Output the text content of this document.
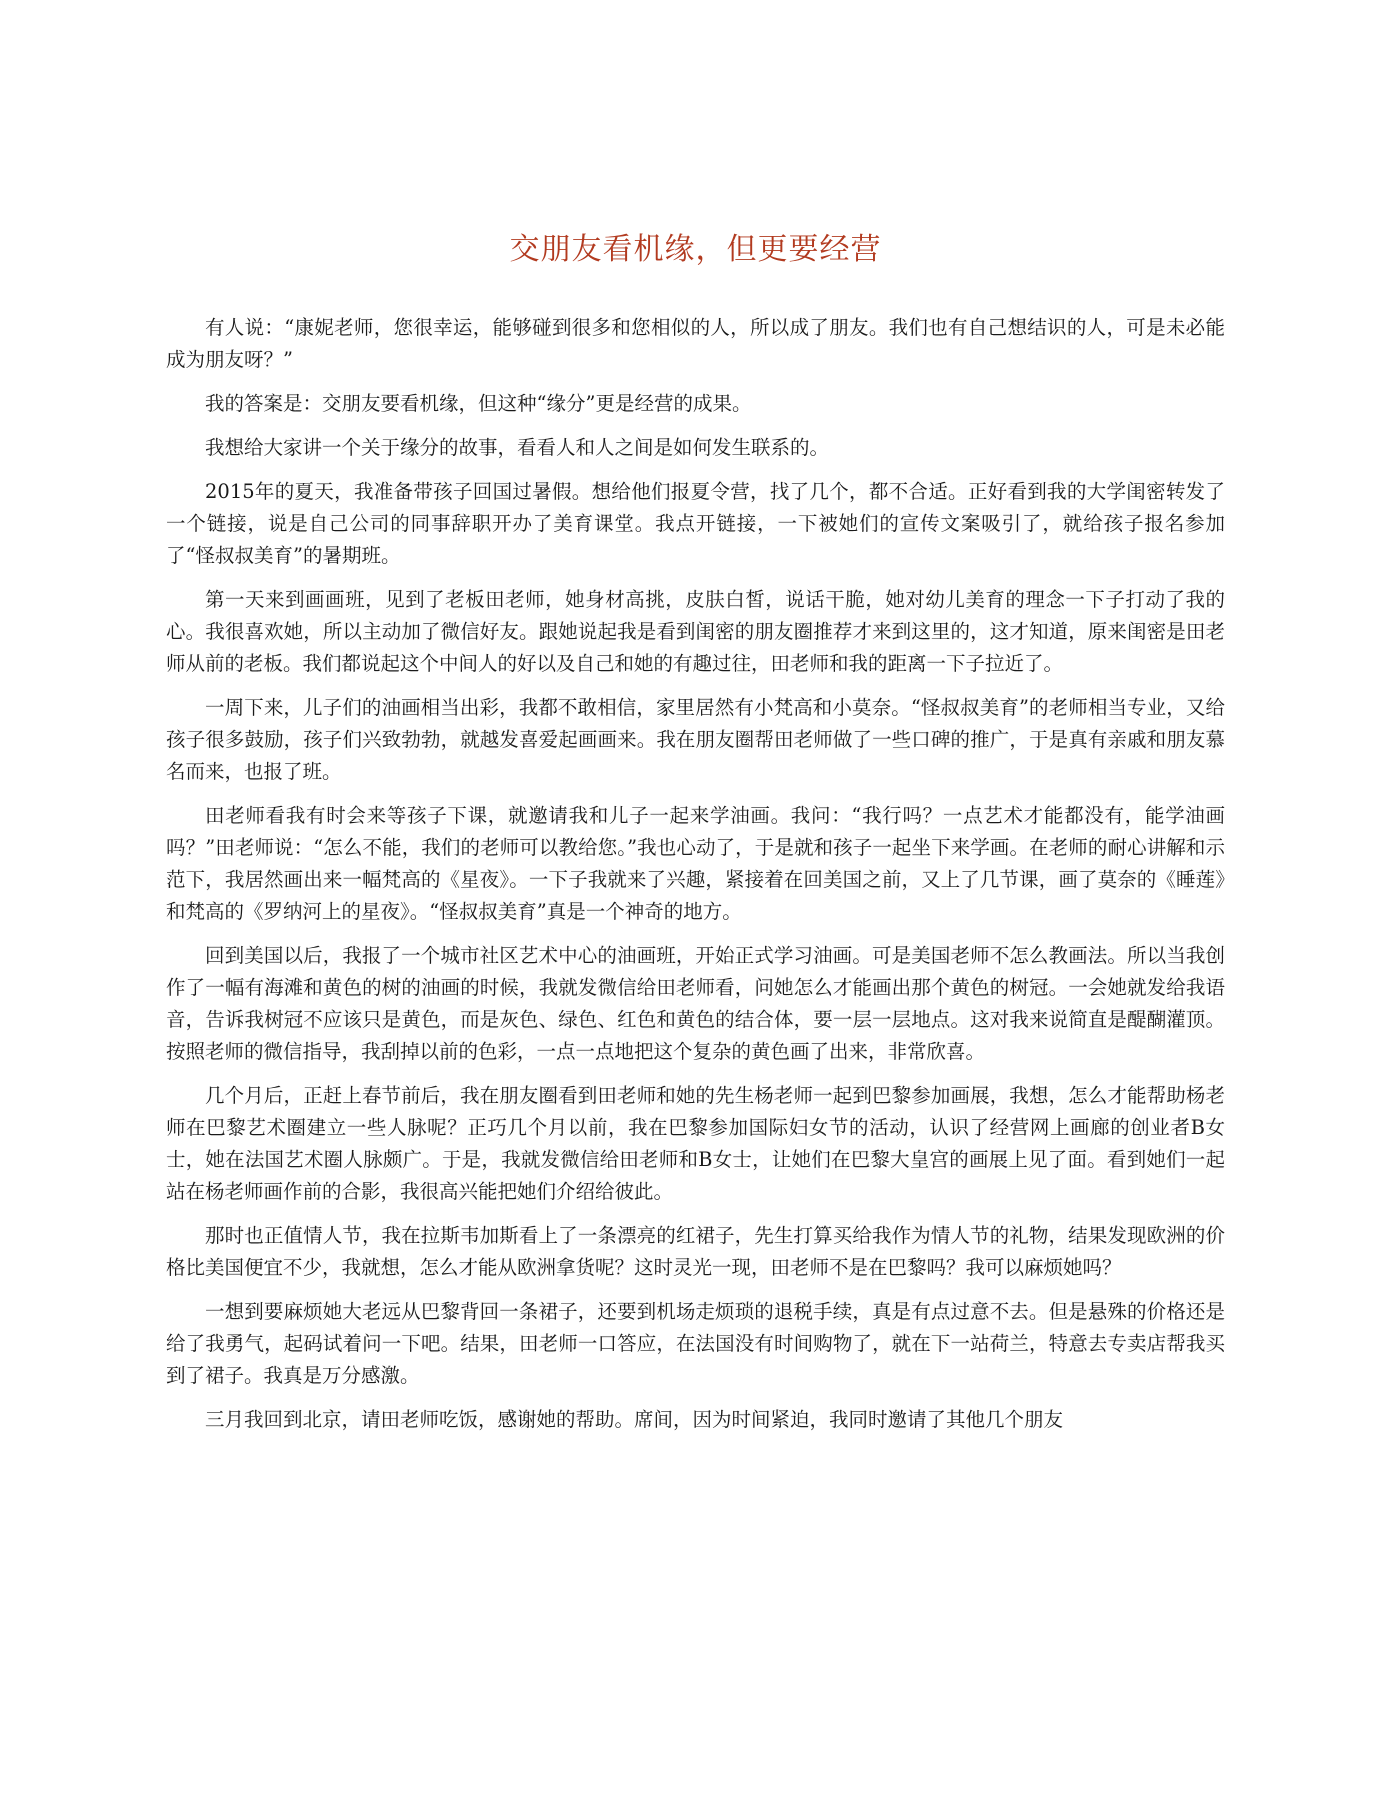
交朋友看机缘，但更要经营

有人说：“康妮老师，您很幸运，能够碰到很多和您相似的人，所以成了朋友。我们也有自己想结识的人，可是未必能成为朋友呀？”

我的答案是：交朋友要看机缘，但这种“缘分”更是经营的成果。

我想给大家讲一个关于缘分的故事，看看人和人之间是如何发生联系的。

2015年的夏天，我准备带孩子回国过暑假。想给他们报夏令营，找了几个，都不合适。正好看到我的大学闺密转发了一个链接，说是自己公司的同事辞职开办了美育课堂。我点开链接，一下被她们的宣传文案吸引了，就给孩子报名参加了“怪叔叔美育”的暑期班。

第一天来到画画班，见到了老板田老师，她身材高挑，皮肤白皙，说话干脆，她对幼儿美育的理念一下子打动了我的心。我很喜欢她，所以主动加了微信好友。跟她说起我是看到闺密的朋友圈推荐才来到这里的，这才知道，原来闺密是田老师从前的老板。我们都说起这个中间人的好以及自己和她的有趣过往，田老师和我的距离一下子拉近了。

一周下来，儿子们的油画相当出彩，我都不敢相信，家里居然有小梵高和小莫奈。“怪叔叔美育”的老师相当专业，又给孩子很多鼓励，孩子们兴致勃勃，就越发喜爱起画画来。我在朋友圈帮田老师做了一些口碑的推广，于是真有亲戚和朋友慕名而来，也报了班。

田老师看我有时会来等孩子下课，就邀请我和儿子一起来学油画。我问：“我行吗？一点艺术才能都没有，能学油画吗？”田老师说：“怎么不能，我们的老师可以教给您。”我也心动了，于是就和孩子一起坐下来学画。在老师的耐心讲解和示范下，我居然画出来一幅梵高的《星夜》。一下子我就来了兴趣，紧接着在回美国之前，又上了几节课，画了莫奈的《睡莲》和梵高的《罗纳河上的星夜》。“怪叔叔美育”真是一个神奇的地方。

回到美国以后，我报了一个城市社区艺术中心的油画班，开始正式学习油画。可是美国老师不怎么教画法。所以当我创作了一幅有海滩和黄色的树的油画的时候，我就发微信给田老师看，问她怎么才能画出那个黄色的树冠。一会她就发给我语音，告诉我树冠不应该只是黄色，而是灰色、绿色、红色和黄色的结合体，要一层一层地点。这对我来说简直是醍醐灌顶。按照老师的微信指导，我刮掉以前的色彩，一点一点地把这个复杂的黄色画了出来，非常欣喜。

几个月后，正赶上春节前后，我在朋友圈看到田老师和她的先生杨老师一起到巴黎参加画展，我想，怎么才能帮助杨老师在巴黎艺术圈建立一些人脉呢？正巧几个月以前，我在巴黎参加国际妇女节的活动，认识了经营网上画廊的创业者B女士，她在法国艺术圈人脉颇广。于是，我就发微信给田老师和B女士，让她们在巴黎大皇宫的画展上见了面。看到她们一起站在杨老师画作前的合影，我很高兴能把她们介绍给彼此。

那时也正值情人节，我在拉斯韦加斯看上了一条漂亮的红裙子，先生打算买给我作为情人节的礼物，结果发现欧洲的价格比美国便宜不少，我就想，怎么才能从欧洲拿货呢？这时灵光一现，田老师不是在巴黎吗？我可以麻烦她吗？

一想到要麻烦她大老远从巴黎背回一条裙子，还要到机场走烦琐的退税手续，真是有点过意不去。但是悬殊的价格还是给了我勇气，起码试着问一下吧。结果，田老师一口答应，在法国没有时间购物了，就在下一站荷兰，特意去专卖店帮我买到了裙子。我真是万分感激。

三月我回到北京，请田老师吃饭，感谢她的帮助。席间，因为时间紧迫，我同时邀请了其他几个朋友
